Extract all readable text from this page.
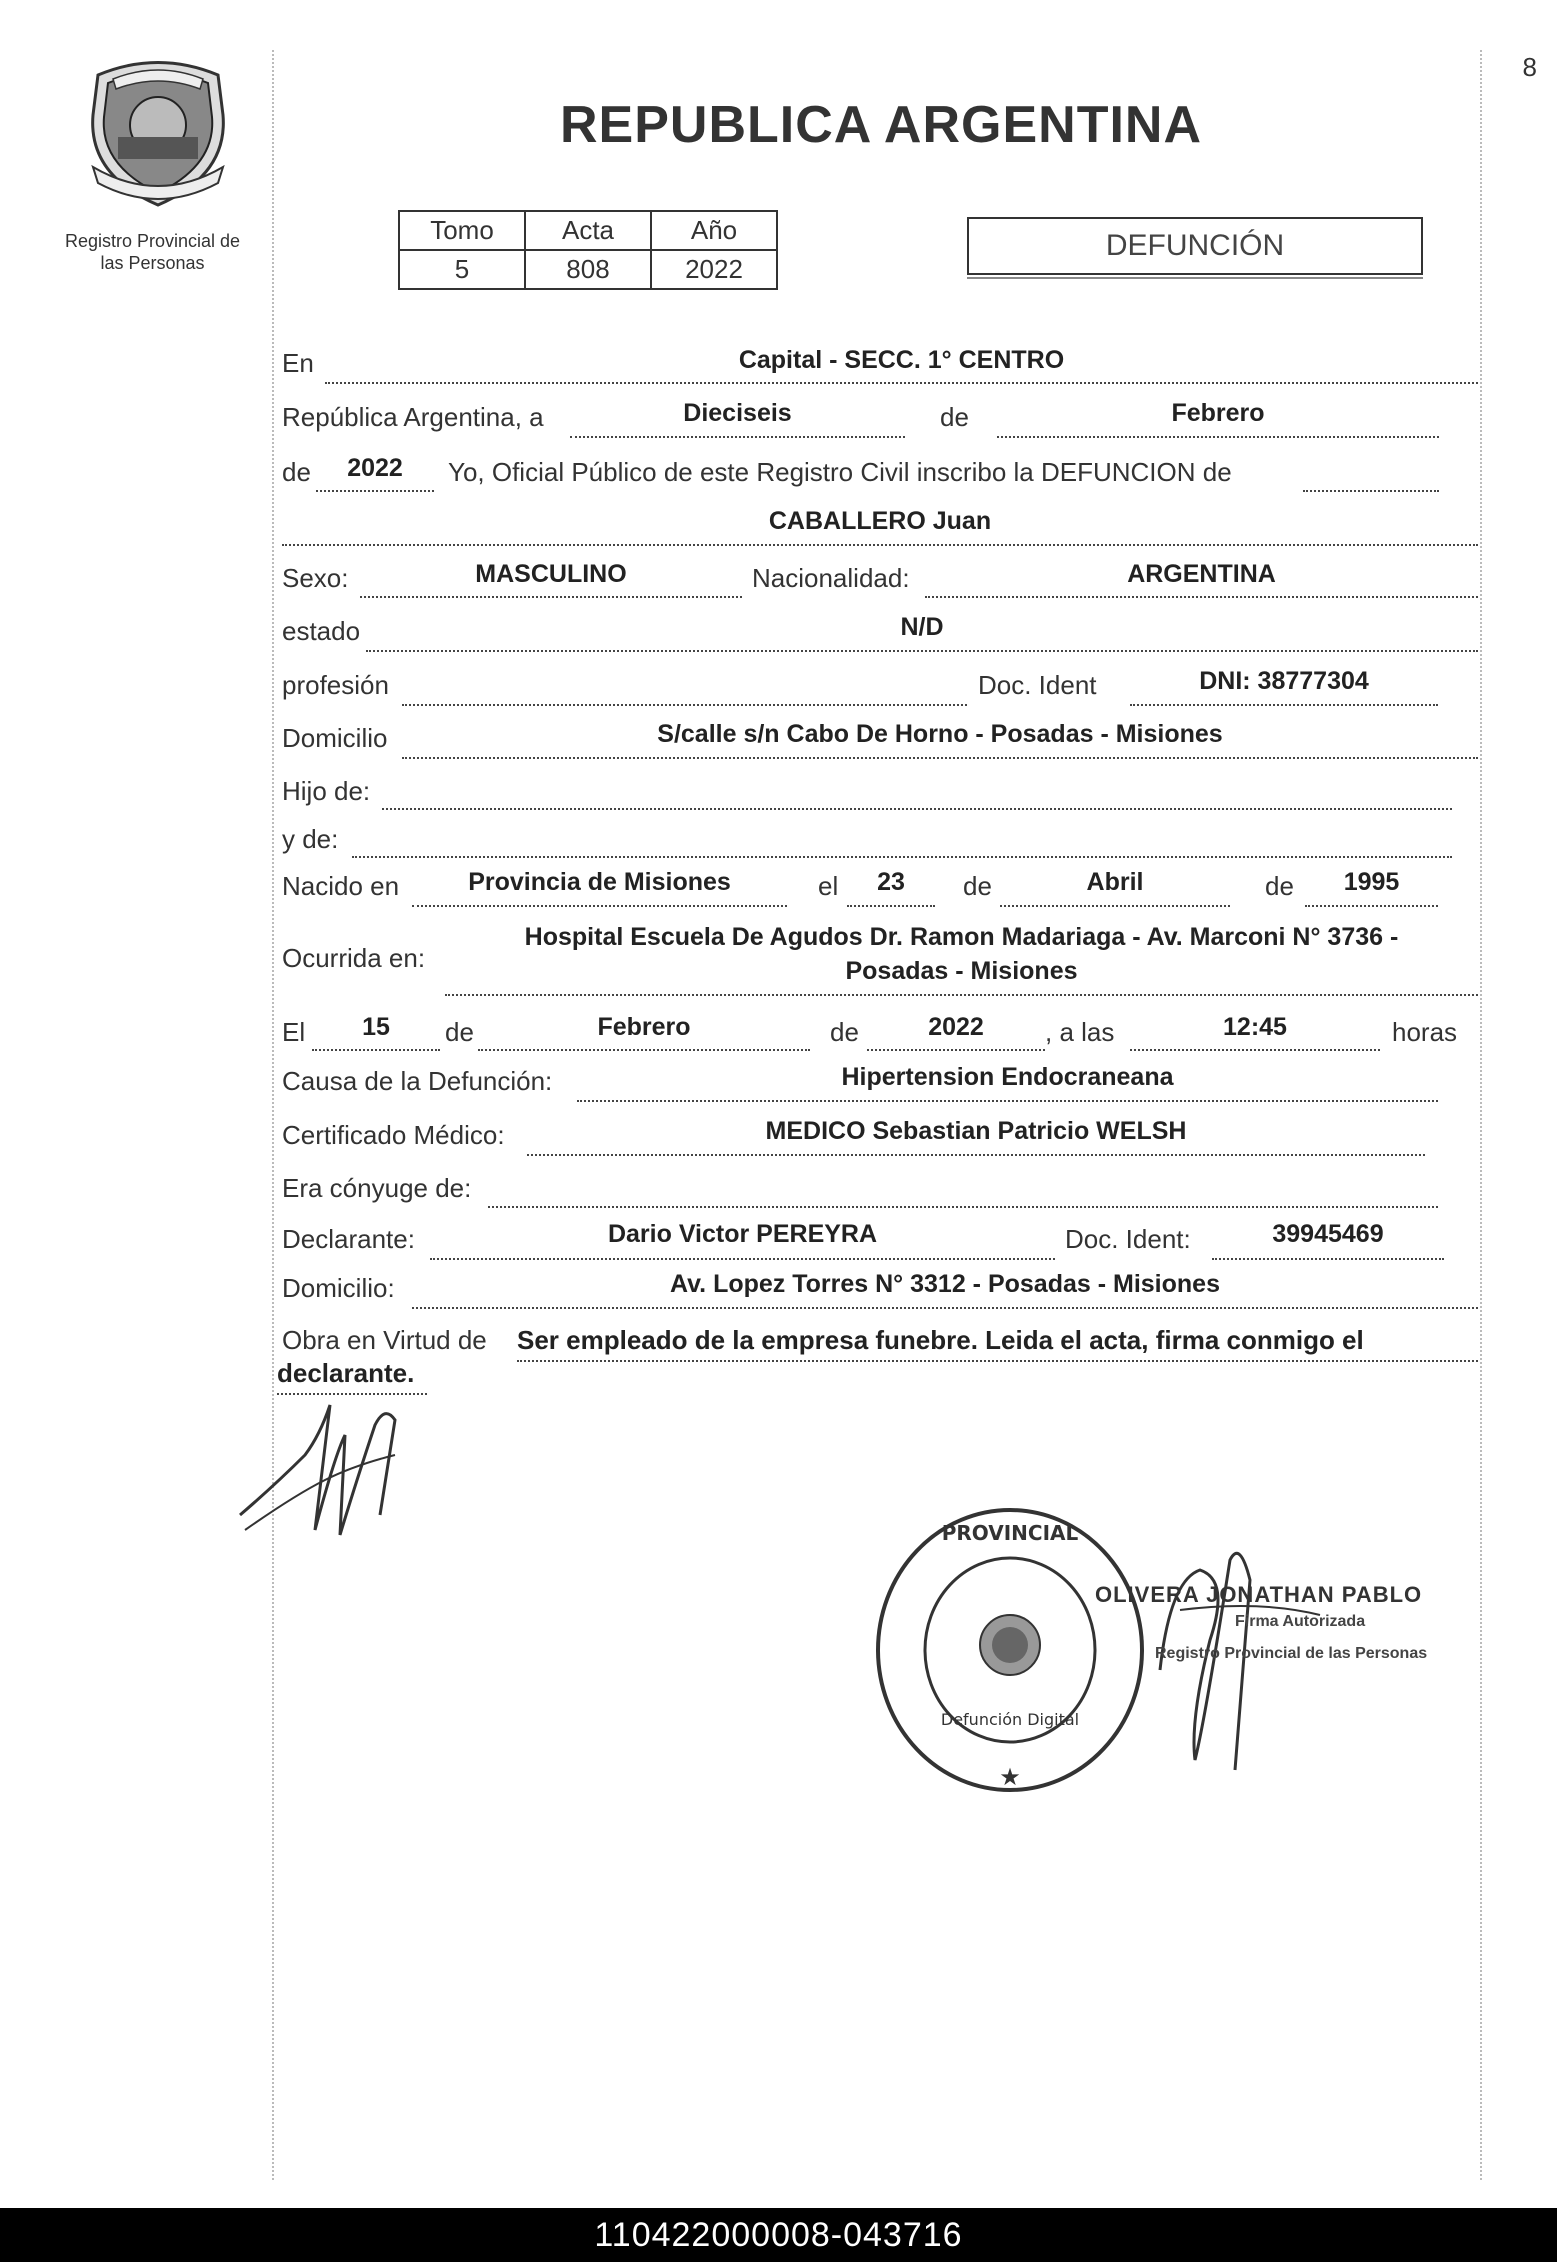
8
Registro Provincial de
las Personas
REPUBLICA ARGENTINA
Tomo	Acta	Año
5	808	2022
DEFUNCIÓN
En	Capital - SECC. 1° CENTRO
República Argentina, a	Dieciseis	de	Febrero
de	2022	Yo, Oficial Público de este Registro Civil inscribo la DEFUNCION de
CABALLERO Juan
Sexo:	MASCULINO	Nacionalidad:	ARGENTINA
estado	N/D
profesión	Doc. Ident	DNI: 38777304
Domicilio	S/calle s/n Cabo De Horno - Posadas - Misiones
Hijo de:
y de:
Nacido en	Provincia de Misiones	el	23	de	Abril	de	1995
Ocurrida en:
Hospital Escuela De Agudos Dr. Ramon Madariaga - Av. Marconi N° 3736 -
Posadas - Misiones
El	15	de	Febrero	de	2022	, a las	12:45	horas
Causa de la Defunción:	Hipertension Endocraneana
Certificado Médico:	MEDICO Sebastian Patricio WELSH
Era cónyuge de:
Declarante:	Dario Victor PEREYRA	Doc. Ident:	39945469
Domicilio:	Av. Lopez Torres N° 3312 - Posadas - Misiones
Obra en Virtud de Ser empleado de la empresa funebre. Leida el acta, firma conmigo el
declarante.
PROVINCIAL
★
Defunción Digital
OLIVERA JONATHAN PABLO
Firma Autorizada
Registro Provincial de las Personas
110422000008-043716
